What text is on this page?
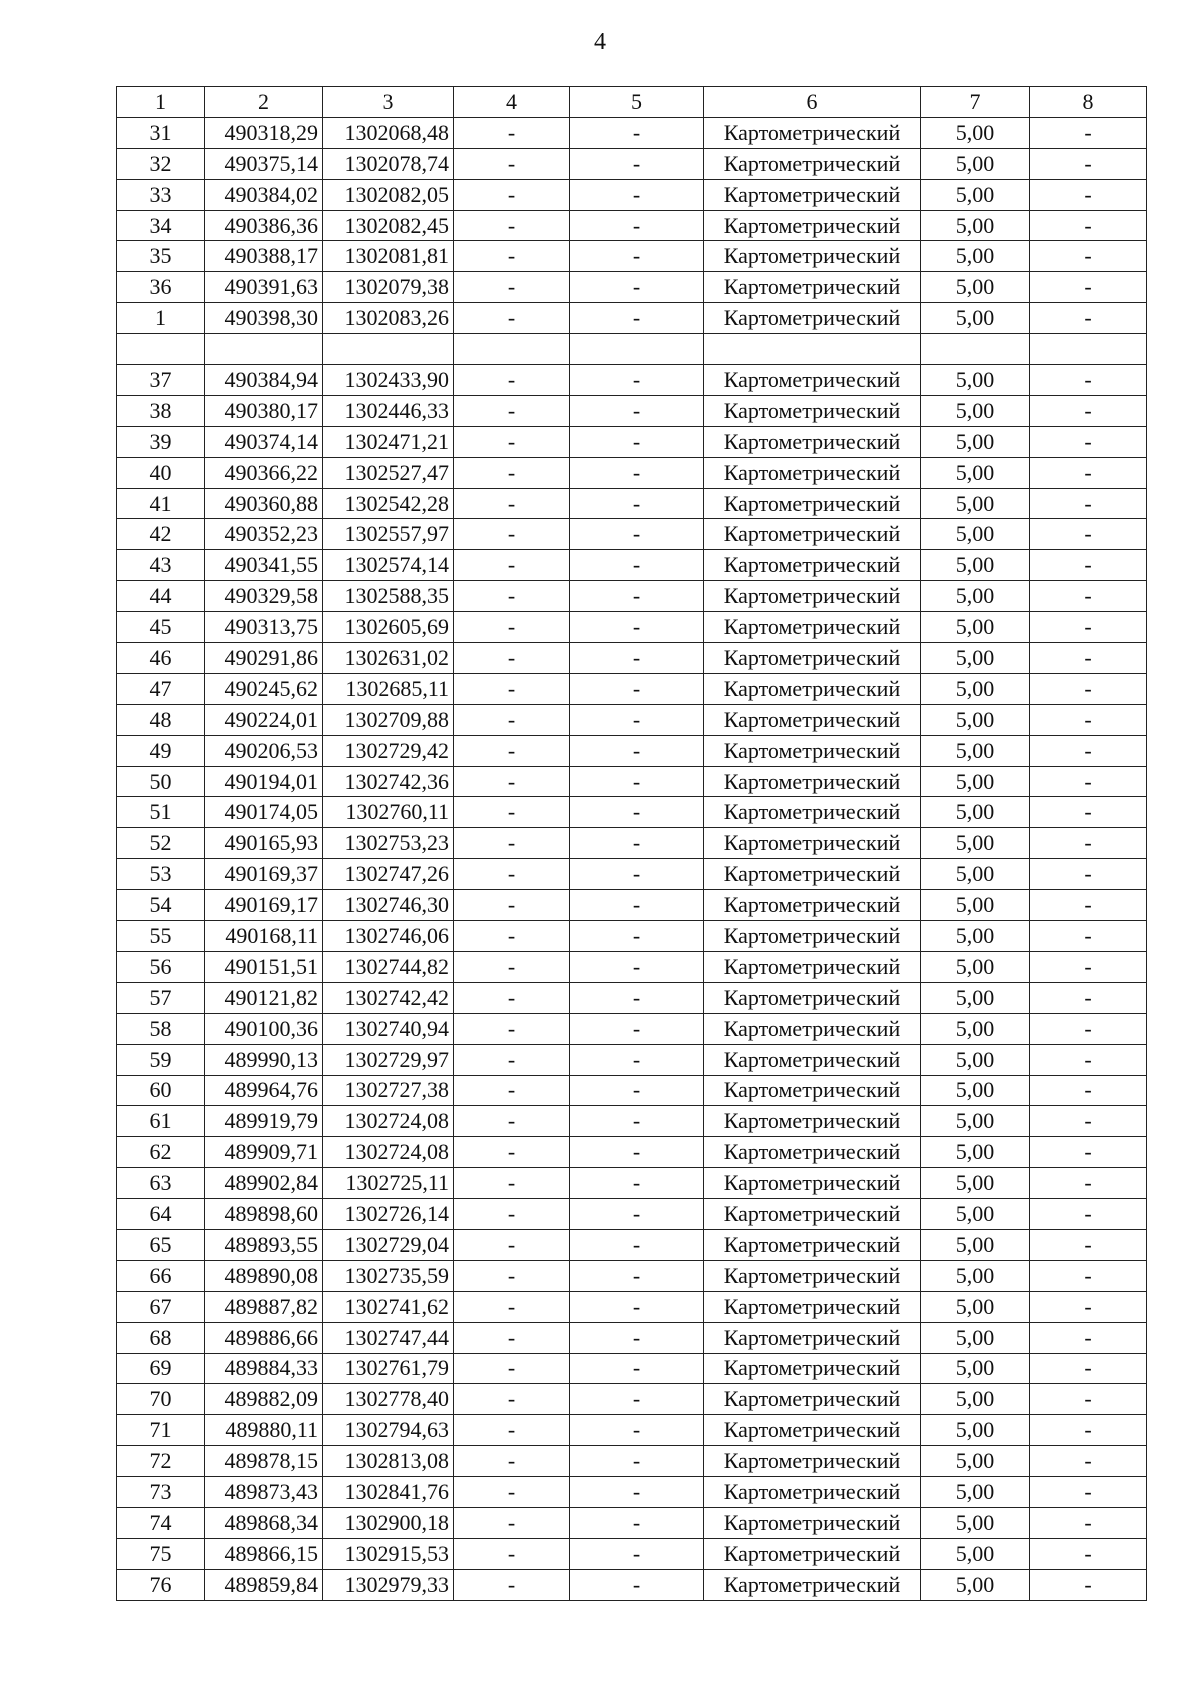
4
1	2	3	4	5	6	7	8
31	490318,29	1302068,48	-	-	Картометрический	5,00	-
32	490375,14	1302078,74	-	-	Картометрический	5,00	-
33	490384,02	1302082,05	-	-	Картометрический	5,00	-
34	490386,36	1302082,45	-	-	Картометрический	5,00	-
35	490388,17	1302081,81	-	-	Картометрический	5,00	-
36	490391,63	1302079,38	-	-	Картометрический	5,00	-
1	490398,30	1302083,26	-	-	Картометрический	5,00	-

37	490384,94	1302433,90	-	-	Картометрический	5,00	-
38	490380,17	1302446,33	-	-	Картометрический	5,00	-
39	490374,14	1302471,21	-	-	Картометрический	5,00	-
40	490366,22	1302527,47	-	-	Картометрический	5,00	-
41	490360,88	1302542,28	-	-	Картометрический	5,00	-
42	490352,23	1302557,97	-	-	Картометрический	5,00	-
43	490341,55	1302574,14	-	-	Картометрический	5,00	-
44	490329,58	1302588,35	-	-	Картометрический	5,00	-
45	490313,75	1302605,69	-	-	Картометрический	5,00	-
46	490291,86	1302631,02	-	-	Картометрический	5,00	-
47	490245,62	1302685,11	-	-	Картометрический	5,00	-
48	490224,01	1302709,88	-	-	Картометрический	5,00	-
49	490206,53	1302729,42	-	-	Картометрический	5,00	-
50	490194,01	1302742,36	-	-	Картометрический	5,00	-
51	490174,05	1302760,11	-	-	Картометрический	5,00	-
52	490165,93	1302753,23	-	-	Картометрический	5,00	-
53	490169,37	1302747,26	-	-	Картометрический	5,00	-
54	490169,17	1302746,30	-	-	Картометрический	5,00	-
55	490168,11	1302746,06	-	-	Картометрический	5,00	-
56	490151,51	1302744,82	-	-	Картометрический	5,00	-
57	490121,82	1302742,42	-	-	Картометрический	5,00	-
58	490100,36	1302740,94	-	-	Картометрический	5,00	-
59	489990,13	1302729,97	-	-	Картометрический	5,00	-
60	489964,76	1302727,38	-	-	Картометрический	5,00	-
61	489919,79	1302724,08	-	-	Картометрический	5,00	-
62	489909,71	1302724,08	-	-	Картометрический	5,00	-
63	489902,84	1302725,11	-	-	Картометрический	5,00	-
64	489898,60	1302726,14	-	-	Картометрический	5,00	-
65	489893,55	1302729,04	-	-	Картометрический	5,00	-
66	489890,08	1302735,59	-	-	Картометрический	5,00	-
67	489887,82	1302741,62	-	-	Картометрический	5,00	-
68	489886,66	1302747,44	-	-	Картометрический	5,00	-
69	489884,33	1302761,79	-	-	Картометрический	5,00	-
70	489882,09	1302778,40	-	-	Картометрический	5,00	-
71	489880,11	1302794,63	-	-	Картометрический	5,00	-
72	489878,15	1302813,08	-	-	Картометрический	5,00	-
73	489873,43	1302841,76	-	-	Картометрический	5,00	-
74	489868,34	1302900,18	-	-	Картометрический	5,00	-
75	489866,15	1302915,53	-	-	Картометрический	5,00	-
76	489859,84	1302979,33	-	-	Картометрический	5,00	-
